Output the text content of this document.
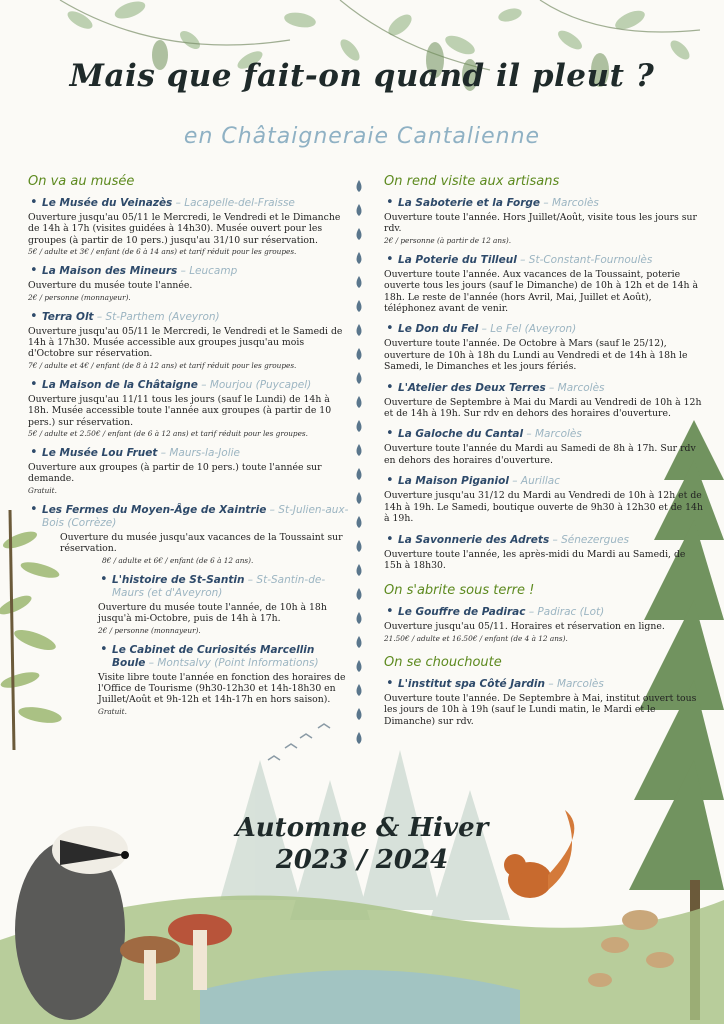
Mais que fait-on quand il pleut ?
en Châtaigneraie Cantalienne
On va au musée
• Le Musée du Veinazès – Lacapelle-del-Fraisse
Ouverture jusqu'au 05/11 le Mercredi, le Vendredi et le Dimanche de 14h à 17h (visites guidées à 14h30). Musée ouvert pour les groupes (à partir de 10 pers.) jusqu'au 31/10 sur réservation.
5€ / adulte et 3€ / enfant (de 6 à 14 ans) et tarif réduit pour les groupes.
• La Maison des Mineurs – Leucamp
Ouverture du musée toute l'année.
2€ / personne (monnayeur).
• Terra Olt – St-Parthem (Aveyron)
Ouverture jusqu'au 05/11 le Mercredi, le Vendredi et le Samedi de 14h à 17h30. Musée accessible aux groupes jusqu'au mois d'Octobre sur réservation.
7€ / adulte et 4€ / enfant (de 8 à 12 ans) et tarif réduit pour les groupes.
• La Maison de la Châtaigne – Mourjou (Puycapel)
Ouverture jusqu'au 11/11 tous les jours (sauf le Lundi) de 14h à 18h. Musée accessible toute l'année aux groupes (à partir de 10 pers.) sur réservation.
5€ / adulte et 2.50€ / enfant (de 6 à 12 ans) et tarif réduit pour les groupes.
• Le Musée Lou Fruet – Maurs-la-Jolie
Ouverture aux groupes (à partir de 10 pers.) toute l'année sur demande.
Gratuit.
• Les Fermes du Moyen-Âge de Xaintrie – St-Julien-aux-Bois (Corrèze)
Ouverture du musée jusqu'aux vacances de la Toussaint sur réservation.
8€ / adulte et 6€ / enfant (de 6 à 12 ans).
• L'histoire de St-Santin – St-Santin-de-Maurs (et d'Aveyron)
Ouverture du musée toute l'année, de 10h à 18h jusqu'à mi-Octobre, puis de 14h à 17h.
2€ / personne (monnayeur).
• Le Cabinet de Curiosités Marcellin Boule – Montsalvy (Point Informations)
Visite libre toute l'année en fonction des horaires de l'Office de Tourisme (9h30-12h30 et 14h-18h30 en Juillet/Août et 9h-12h et 14h-17h en hors saison).
Gratuit.
On rend visite aux artisans
• La Saboterie et la Forge – Marcolès
Ouverture toute l'année. Hors Juillet/Août, visite tous les jours sur rdv.
2€ / personne (à partir de 12 ans).
• La Poterie du Tilleul – St-Constant-Fournoulès
Ouverture toute l'année. Aux vacances de la Toussaint, poterie ouverte tous les jours (sauf le Dimanche) de 10h à 12h et de 14h à 18h. Le reste de l'année (hors Avril, Mai, Juillet et Août), téléphonez avant de venir.
• Le Don du Fel – Le Fel (Aveyron)
Ouverture toute l'année. De Octobre à Mars (sauf le 25/12), ouverture de 10h à 18h du Lundi au Vendredi et de 14h à 18h le Samedi, le Dimanches et les jours fériés.
• L'Atelier des Deux Terres – Marcolès
Ouverture de Septembre à Mai du Mardi au Vendredi de 10h à 12h et de 14h à 19h. Sur rdv en dehors des horaires d'ouverture.
• La Galoche du Cantal – Marcolès
Ouverture toute l'année du Mardi au Samedi de 8h à 17h. Sur rdv en dehors des horaires d'ouverture.
• La Maison Piganiol – Aurillac
Ouverture jusqu'au 31/12 du Mardi au Vendredi de 10h à 12h et de 14h à 19h. Le Samedi, boutique ouverte de 9h30 à 12h30 et de 14h à 19h.
• La Savonnerie des Adrets – Sénezergues
Ouverture toute l'année, les après-midi du Mardi au Samedi, de 15h à 18h30.
On s'abrite sous terre !
• Le Gouffre de Padirac – Padirac (Lot)
Ouverture jusqu'au 05/11. Horaires et réservation en ligne.
21.50€ / adulte et 16.50€ / enfant (de 4 à 12 ans).
On se chouchoute
• L'institut spa Côté Jardin – Marcolès
Ouverture toute l'année. De Septembre à Mai, institut ouvert tous les jours de 10h à 19h (sauf le Lundi matin, le Mardi et le Dimanche) sur rdv.
Automne & Hiver
2023 / 2024
